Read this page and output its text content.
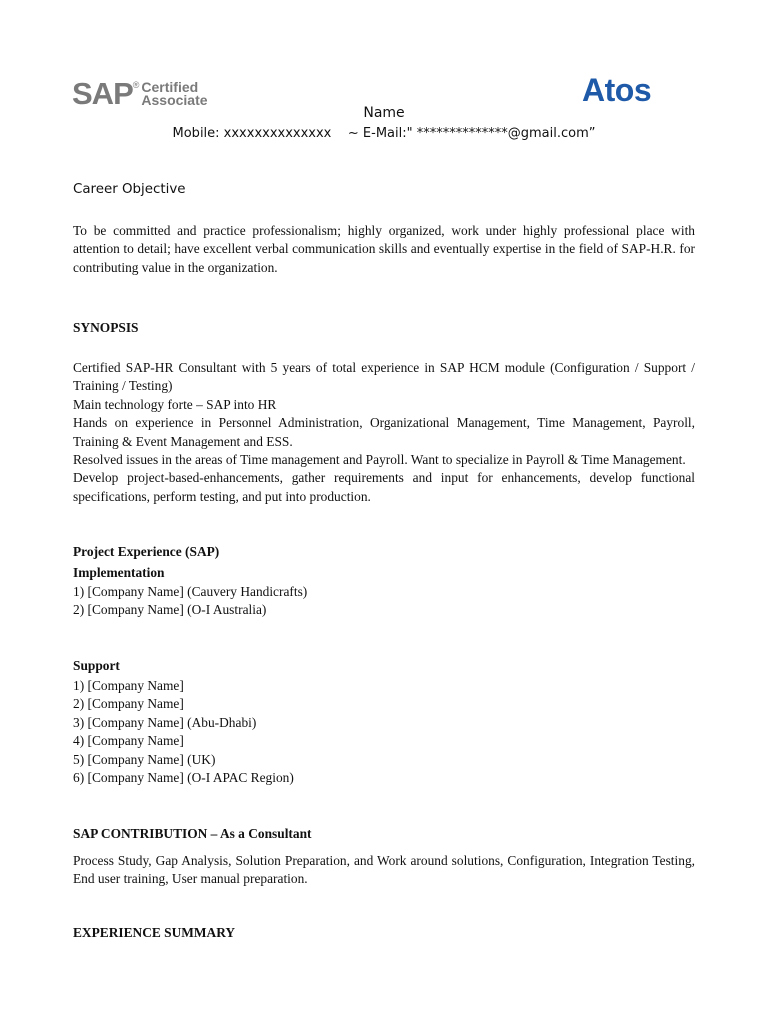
SAP ® Certified
Associate	Atos
Name
Mobile: xxxxxxxxxxxxxx    ~ E-Mail:" **************@gmail.com”
Career Objective
To be committed and practice professionalism; highly organized, work under highly professional place with attention to detail; have excellent verbal communication skills and eventually expertise in the field of SAP-H.R. for contributing value in the organization.
SYNOPSIS

Certified SAP-HR Consultant with 5 years of total experience in SAP HCM module (Configuration / Support / Training / Testing)

Main technology forte – SAP into HR

Hands on experience in Personnel Administration, Organizational Management, Time Management, Payroll, Training & Event Management and ESS.

Resolved issues in the areas of Time management and Payroll. Want to specialize in Payroll & Time Management.

Develop project-based-enhancements, gather requirements and input for enhancements, develop functional specifications, perform testing, and put into production.

Project Experience (SAP)
Implementation
1) [Company Name] (Cauvery Handicrafts)
2) [Company Name] (O-I Australia)
Support
1) [Company Name]
2) [Company Name]
3) [Company Name] (Abu-Dhabi)
4) [Company Name]
5) [Company Name] (UK)
6) [Company Name] (O-I APAC Region)
SAP CONTRIBUTION – As a Consultant
Process Study, Gap Analysis, Solution Preparation, and Work around solutions, Configuration, Integration Testing, End user training, User manual preparation.
EXPERIENCE SUMMARY
